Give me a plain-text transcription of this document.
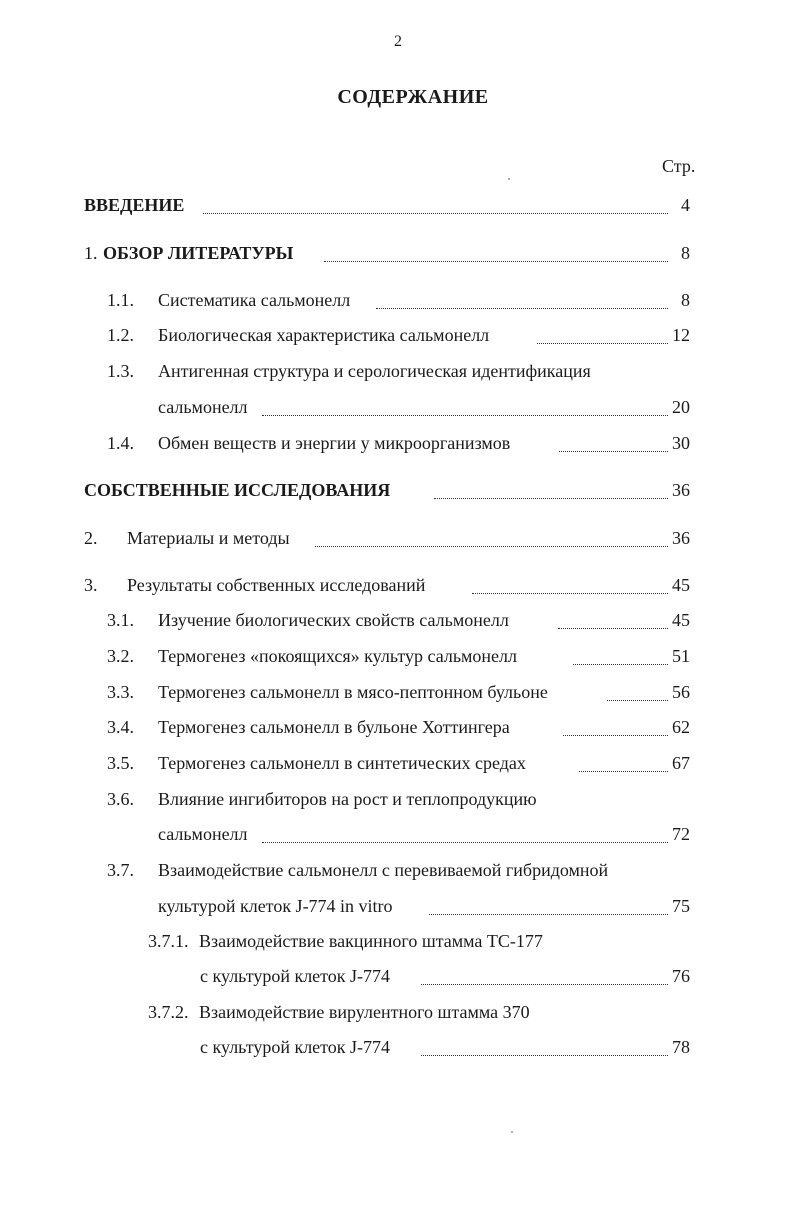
2
СОДЕРЖАНИЕ
Стр.
ВВЕДЕНИЕ	4
1. ОБЗОР ЛИТЕРАТУРЫ	8
1.1. Систематика сальмонелл	8
1.2. Биологическая характеристика сальмонелл	12
1.3. Антигенная структура и серологическая идентификация
сальмонелл	20
1.4. Обмен веществ и энергии у микроорганизмов	30
СОБСТВЕННЫЕ ИССЛЕДОВАНИЯ	36
2. Материалы и методы	36
3. Результаты собственных исследований	45
3.1. Изучение биологических свойств сальмонелл	45
3.2. Термогенез «покоящихся» культур сальмонелл	51
3.3. Термогенез сальмонелл в мясо-пептонном бульоне	56
3.4. Термогенез сальмонелл в бульоне Хоттингера	62
3.5. Термогенез сальмонелл в синтетических средах	67
3.6. Влияние ингибиторов на рост и теплопродукцию
сальмонелл	72
3.7. Взаимодействие сальмонелл с перевиваемой гибридомной
культурой клеток J-774 in vitro	75
3.7.1. Взаимодействие вакцинного штамма ТС-177
с культурой клеток J-774	76
3.7.2. Взаимодействие вирулентного штамма 370
с культурой клеток J-774	78
